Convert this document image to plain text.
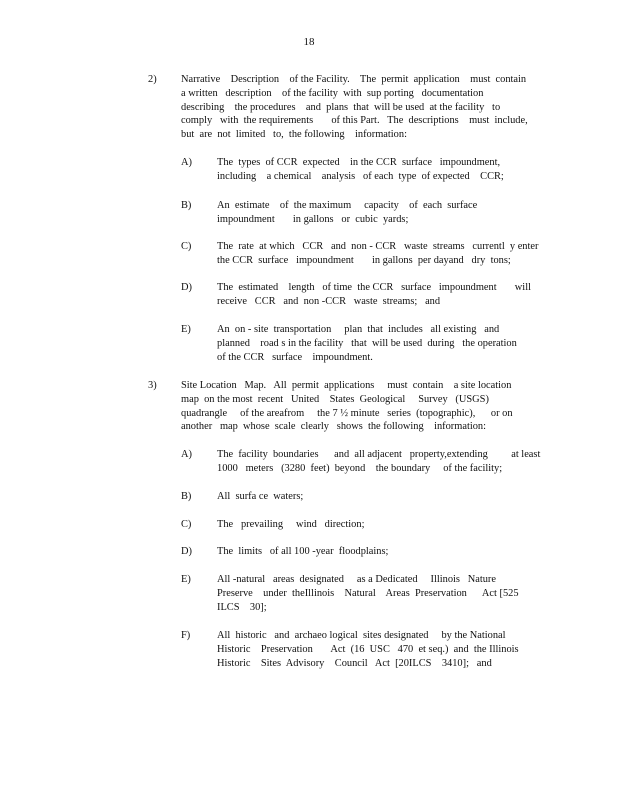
18
2) Narrative    Description    of the Facility.    The  permit  application    must  contain
a written   description    of the facility  with  sup porting   documentation
describing    the procedures    and  plans  that  will be used  at the facility   to
comply   with  the requirements       of this Part.   The  descriptions    must  include,
but  are  not  limited   to,  the following    information:
A) The  types  of CCR  expected    in the CCR  surface   impoundment,
including    a chemical    analysis   of each  type  of expected    CCR;
B) An  estimate    of  the maximum     capacity    of  each  surface
impoundment       in gallons   or  cubic  yards;
C) The  rate  at which   CCR   and  non - CCR   waste  streams   currentl  y enter
the CCR  surface   impoundment       in gallons  per dayand   dry  tons;
D) The  estimated    length   of time  the CCR   surface   impoundment       will
receive   CCR   and  non -CCR   waste  streams;   and
E)	An  on - site  transportation     plan  that  includes   all existing   and
planned    road s in the facility   that  will be used  during   the operation
of the CCR   surface    impoundment.
3) Site Location   Map.   All  permit  applications     must  contain    a site location
map  on the most  recent   United    States  Geological     Survey   (USGS)
quadrangle     of the areafrom     the 7 ½ minute   series  (topographic),      or on
another   map  whose  scale  clearly   shows  the following    information:
A) The  facility  boundaries      and  all adjacent   property,extending         at least
1000   meters   (3280  feet)  beyond    the boundary     of the facility;
B) All  surfa ce  waters;
C) The   prevailing     wind   direction;
D) The  limits   of all 100 -year  floodplains;
E)	All -natural   areas  designated     as a Dedicated     Illinois   Nature
Preserve    under  theIllinois    Natural    Areas  Preservation      Act [525
ILCS    30];
F)	All  historic   and  archaeo logical  sites designated     by the National
Historic    Preservation       Act  (16  USC   470  et seq.)  and  the Illinois
Historic    Sites  Advisory    Council   Act  [20ILCS    3410];   and
